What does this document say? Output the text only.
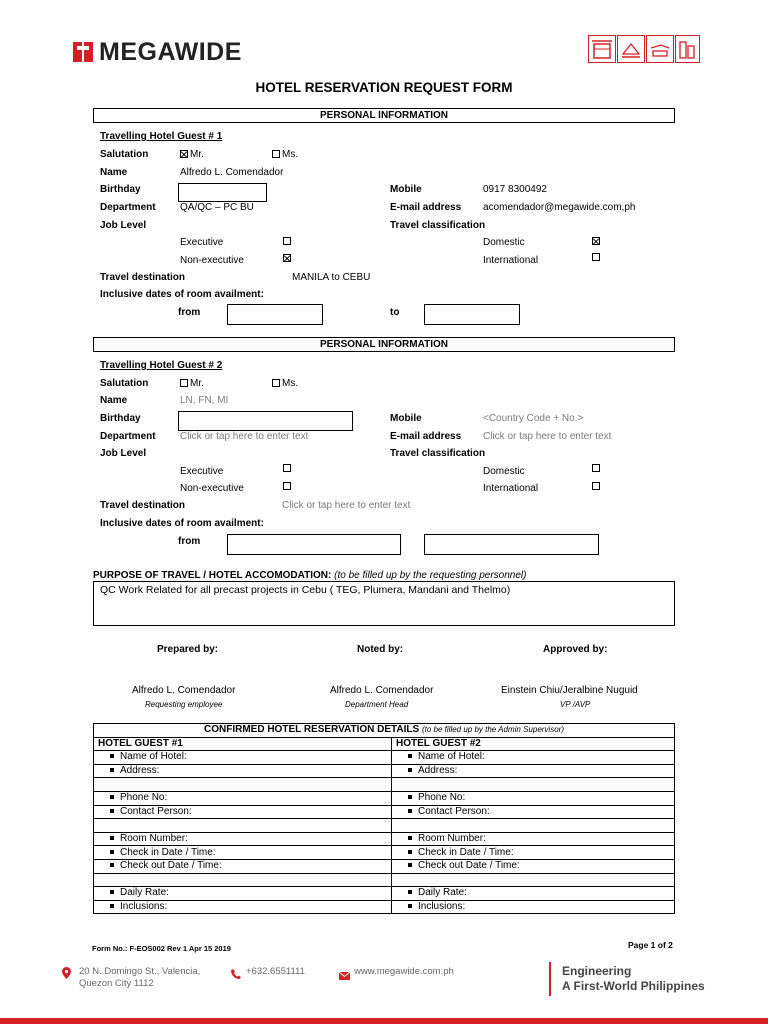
MEGAWIDE
HOTEL RESERVATION REQUEST FORM
PERSONAL INFORMATION
Travelling Hotel Guest # 1
Salutation	Mr.	Ms.
Name	Alfredo L. Comendador
Birthday	Mobile	0917 8300492
Department QA/QC – PC BU	E-mail address acomendador@megawide.com,ph
Job Level	Travel classification
Executive	Domestic
Non-executive	International
Travel destination	MANILA to CEBU
Inclusive dates of room availment:
from	to
PERSONAL INFORMATION
Travelling Hotel Guest # 2
Salutation	Mr.	Ms.
Name	LN, FN, MI
Birthday	Mobile	<Country Code + No.>
Department Click or tap here to enter text	E-mail address Click or tap here to enter text
Job Level	Travel classification
Executive	Domestic
Non-executive	International
Travel destination	Click or tap here to enter text
Inclusive dates of room availment:
from
PURPOSE OF TRAVEL / HOTEL ACCOMODATION: (to be filled up by the requesting personnel)
QC Work Related for all precast projects in Cebu ( TEG, Plumera, Mandani and Thelmo)
Prepared by:	Noted by:	Approved by:
Alfredo L. Comendador	Alfredo L. Comendador	Einstein Chiu/Jeralbine Nuguid
Requesting employee	Department Head	VP /AVP
CONFIRMED HOTEL RESERVATION DETAILS (to be filled up by the Admin Supervisor)	
HOTEL GUEST #1	HOTEL GUEST #2
Name of Hotel:	Name of Hotel:
Address:	Address:

Phone No:	Phone No:
Contact Person:	Contact Person:

Room Number:	Room Number:
Check in Date / Time:	Check in Date / Time:
Check out Date / Time:	Check out Date / Time:

Daily Rate:	Daily Rate:
Inclusions:	Inclusions:
Form No.: F-EOS002 Rev 1 Apr 15 2019	Page 1 of 2
20 N. Domingo St., Valencia,
Quezon City 1112
+632.6551111	www.megawide.com.ph	Engineering
A First-World Philippines
